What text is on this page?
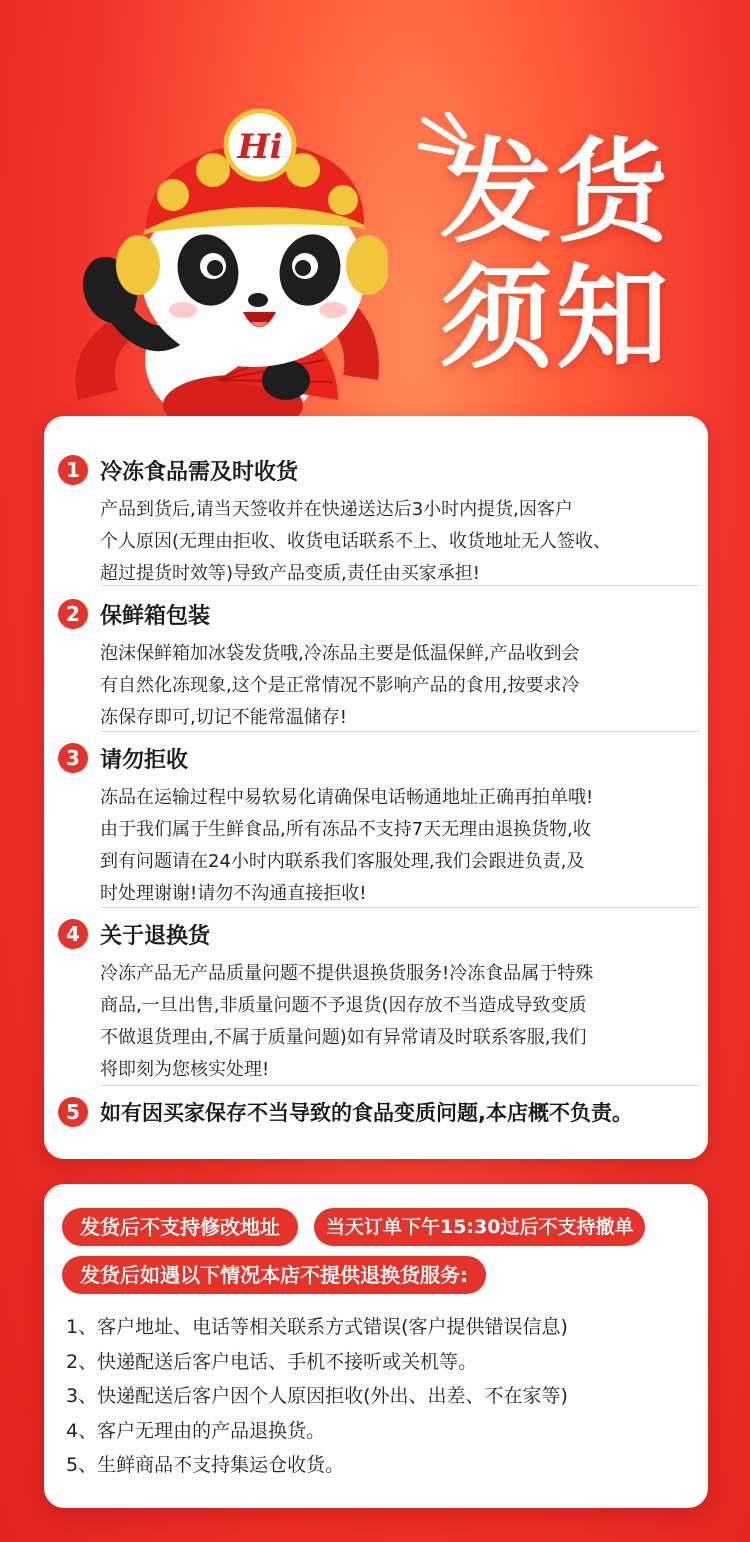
Hi 发货
须知
1 冷冻食品需及时收货
产品到货后,请当天签收并在快递送达后3小时内提货,因客户
个人原因(无理由拒收、收货电话联系不上、收货地址无人签收、
超过提货时效等)导致产品变质,责任由买家承担!
2 保鲜箱包装
泡沫保鲜箱加冰袋发货哦,冷冻品主要是低温保鲜,产品收到会
有自然化冻现象,这个是正常情况不影响产品的食用,按要求冷
冻保存即可,切记不能常温储存!
3 请勿拒收
冻品在运输过程中易软易化请确保电话畅通地址正确再拍单哦!
由于我们属于生鲜食品,所有冻品不支持7天无理由退换货物,收
到有问题请在24小时内联系我们客服处理,我们会跟进负责,及
时处理谢谢!请勿不沟通直接拒收!
4 关于退换货
冷冻产品无产品质量问题不提供退换货服务!冷冻食品属于特殊
商品,一旦出售,非质量问题不予退货(因存放不当造成导致变质
不做退货理由,不属于质量问题)如有异常请及时联系客服,我们
将即刻为您核实处理!
5 如有因买家保存不当导致的食品变质问题,本店概不负责。
发货后不支持修改地址	当天订单下午15:30过后不支持撤单
发货后如遇以下情况本店不提供退换货服务:
1、客户地址、电话等相关联系方式错误(客户提供错误信息)
2、快递配送后客户电话、手机不接听或关机等。
3、快递配送后客户因个人原因拒收(外出、出差、不在家等)
4、客户无理由的产品退换货。
5、生鲜商品不支持集运仓收货。
